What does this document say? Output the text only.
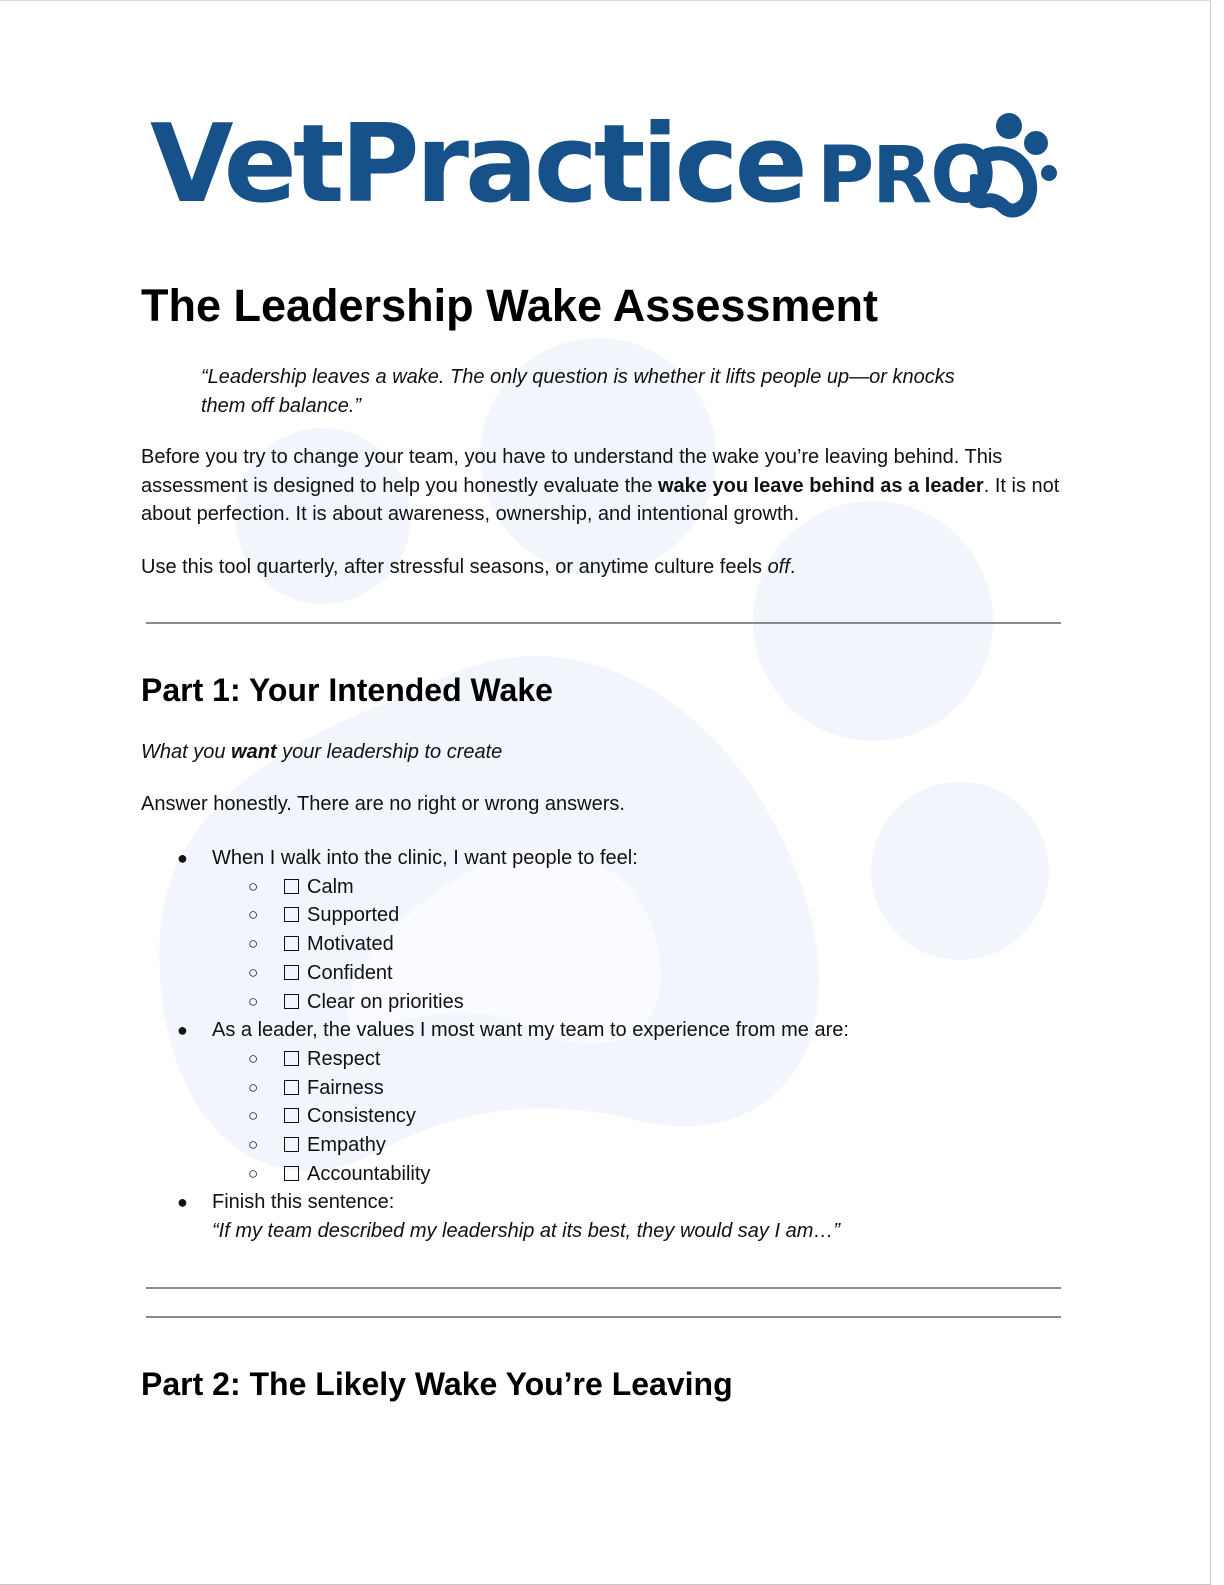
VetPractice PRO
The Leadership Wake Assessment

“Leadership leaves a wake. The only question is whether it lifts people up—or knocks them off balance.”

Before you try to change your team, you have to understand the wake you’re leaving behind. This assessment is designed to help you honestly evaluate the wake you leave behind as a leader. It is not about perfection. It is about awareness, ownership, and intentional growth.

Use this tool quarterly, after stressful seasons, or anytime culture feels off.

Part 1: Your Intended Wake

What you want your leadership to create

Answer honestly. There are no right or wrong answers.

● When I walk into the clinic, I want people to feel:
○ Calm
○ Supported
○ Motivated
○ Confident
○ Clear on priorities
● As a leader, the values I most want my team to experience from me are:
○ Respect
○ Fairness
○ Consistency
○ Empathy
○ Accountability
● Finish this sentence:
“If my team described my leadership at its best, they would say I am…”
Part 2: The Likely Wake You’re Leaving
